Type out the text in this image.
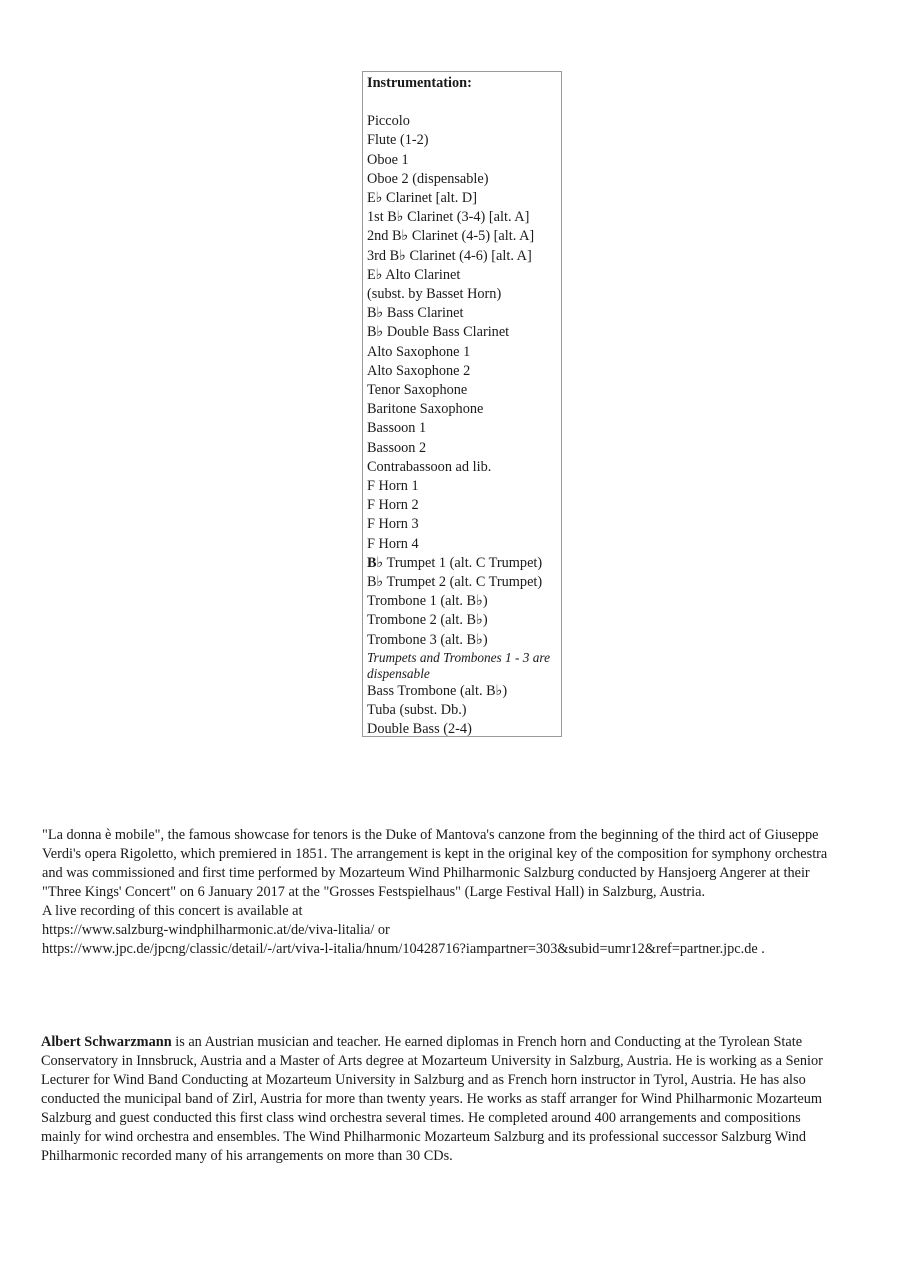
Instrumentation:
Piccolo
Flute (1-2)
Oboe 1
Oboe 2 (dispensable)
E♭ Clarinet [alt. D]
1st B♭ Clarinet (3-4) [alt. A]
2nd B♭ Clarinet (4-5) [alt. A]
3rd B♭ Clarinet (4-6) [alt. A]
E♭ Alto Clarinet
(subst. by Basset Horn)
B♭ Bass Clarinet
B♭ Double Bass Clarinet
Alto Saxophone 1
Alto Saxophone 2
Tenor Saxophone
Baritone Saxophone
Bassoon 1
Bassoon 2
Contrabassoon ad lib.
F Horn 1
F Horn 2
F Horn 3
F Horn 4
B♭ Trumpet 1 (alt. C Trumpet)
B♭ Trumpet 2 (alt. C Trumpet)
Trombone 1 (alt. B♭)
Trombone 2 (alt. B♭)
Trombone 3 (alt. B♭)
Trumpets and Trombones 1 - 3 are dispensable
Bass Trombone (alt. B♭)
Tuba (subst. Db.)
Double Bass (2-4)

"La donna è mobile", the famous showcase for tenors is the Duke of Mantova's canzone from the beginning of the third act of Giuseppe Verdi's opera Rigoletto, which premiered in 1851. The arrangement is kept in the original key of the composition for symphony orchestra and was commissioned and first time performed by Mozarteum Wind Philharmonic Salzburg conducted by Hansjoerg Angerer at their "Three Kings' Concert" on 6 January 2017 at the "Grosses Festspielhaus" (Large Festival Hall) in Salzburg, Austria.

A live recording of this concert is available at

https://www.salzburg-windphilharmonic.at/de/viva-litalia/ or

https://www.jpc.de/jpcng/classic/detail/-/art/viva-l-italia/hnum/10428716?iampartner=303&subid=umr12&ref=partner.jpc.de .

Albert Schwarzmann is an Austrian musician and teacher. He earned diplomas in French horn and Conducting at the Tyrolean State Conservatory in Innsbruck, Austria and a Master of Arts degree at Mozarteum University in Salzburg, Austria. He is working as a Senior Lecturer for Wind Band Conducting at Mozarteum University in Salzburg and as French horn instructor in Tyrol, Austria. He has also conducted the municipal band of Zirl, Austria for more than twenty years. He works as staff arranger for Wind Philharmonic Mozarteum Salzburg and guest conducted this first class wind orchestra several times. He completed around 400 arrangements and compositions mainly for wind orchestra and ensembles. The Wind Philharmonic Mozarteum Salzburg and its professional successor Salzburg Wind Philharmonic recorded many of his arrangements on more than 30 CDs.
